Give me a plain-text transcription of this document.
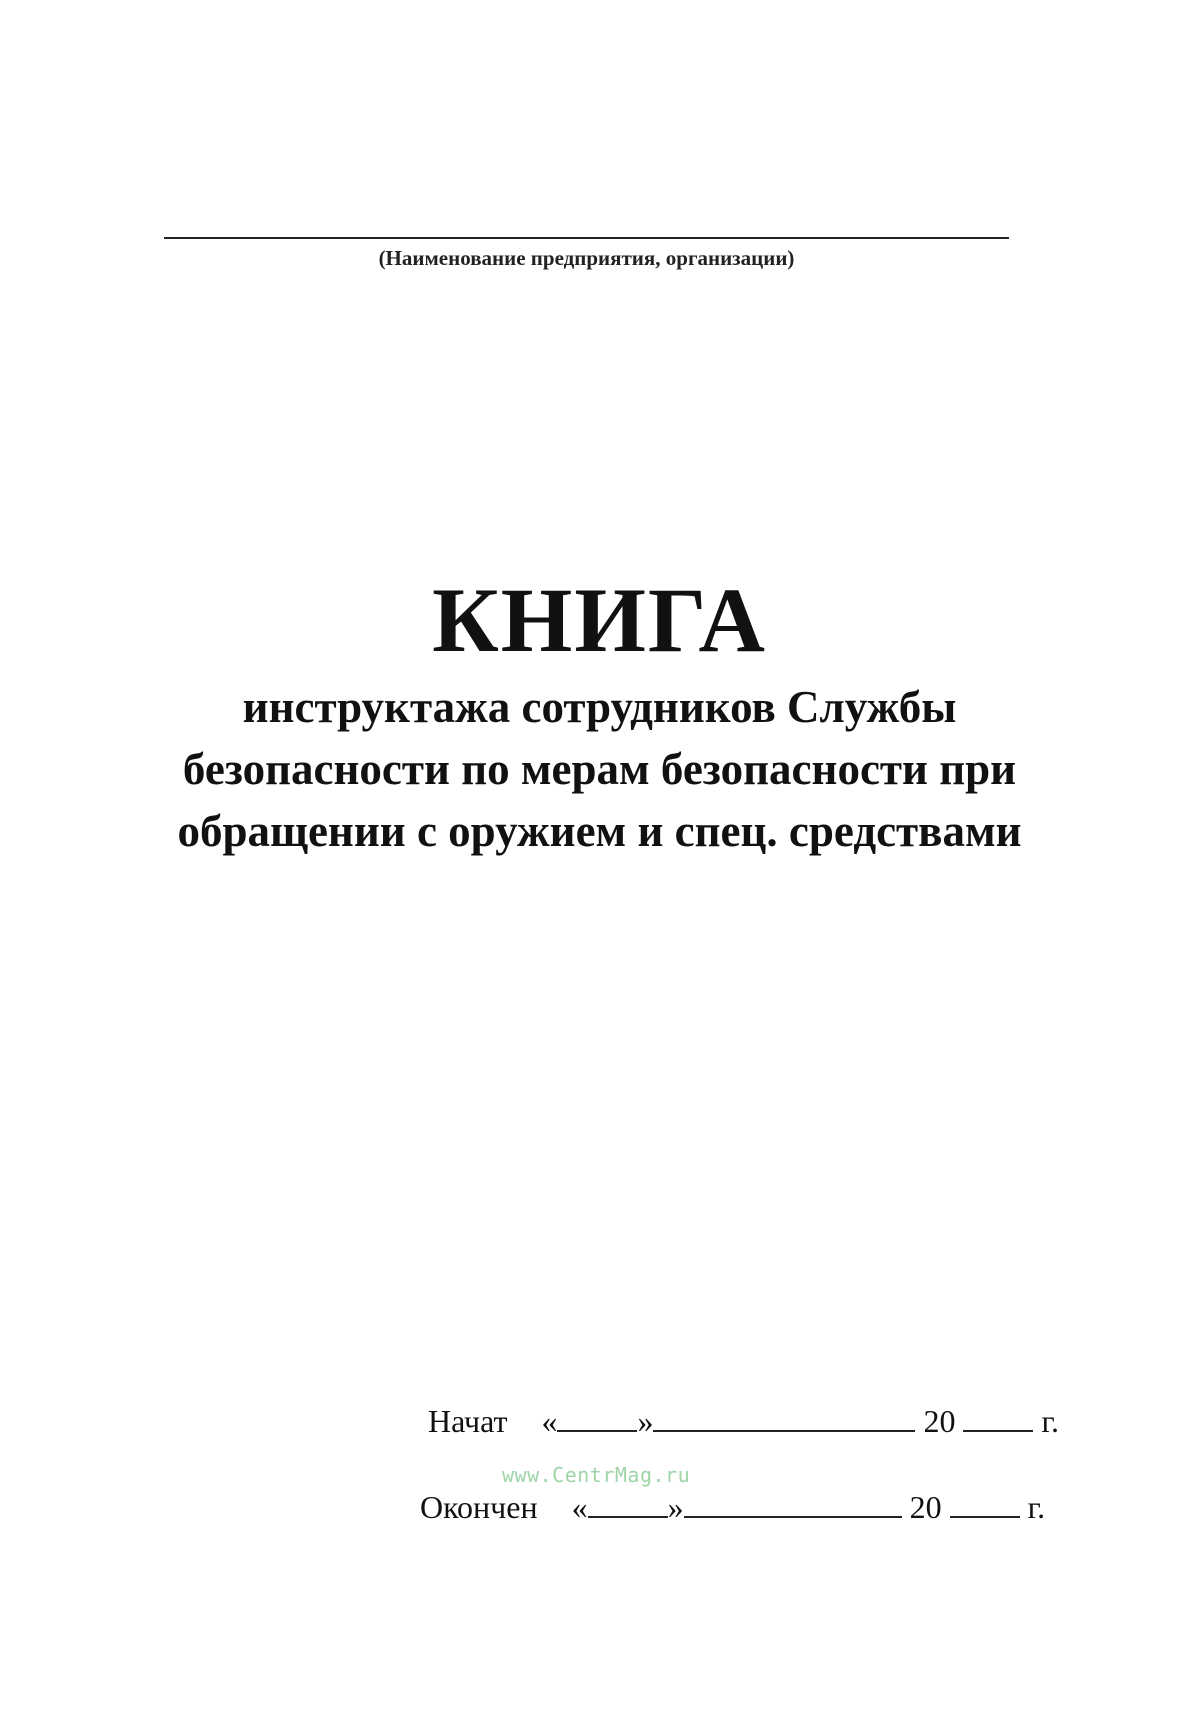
(Наименование предприятия, организации)
КНИГА
инструктажа сотрудников Службы
безопасности по мерам безопасности при
обращении с оружием и спец. средствами
Начат «	»	20	г.
Окончен «	»	20	г.
www.CentrMag.ru
